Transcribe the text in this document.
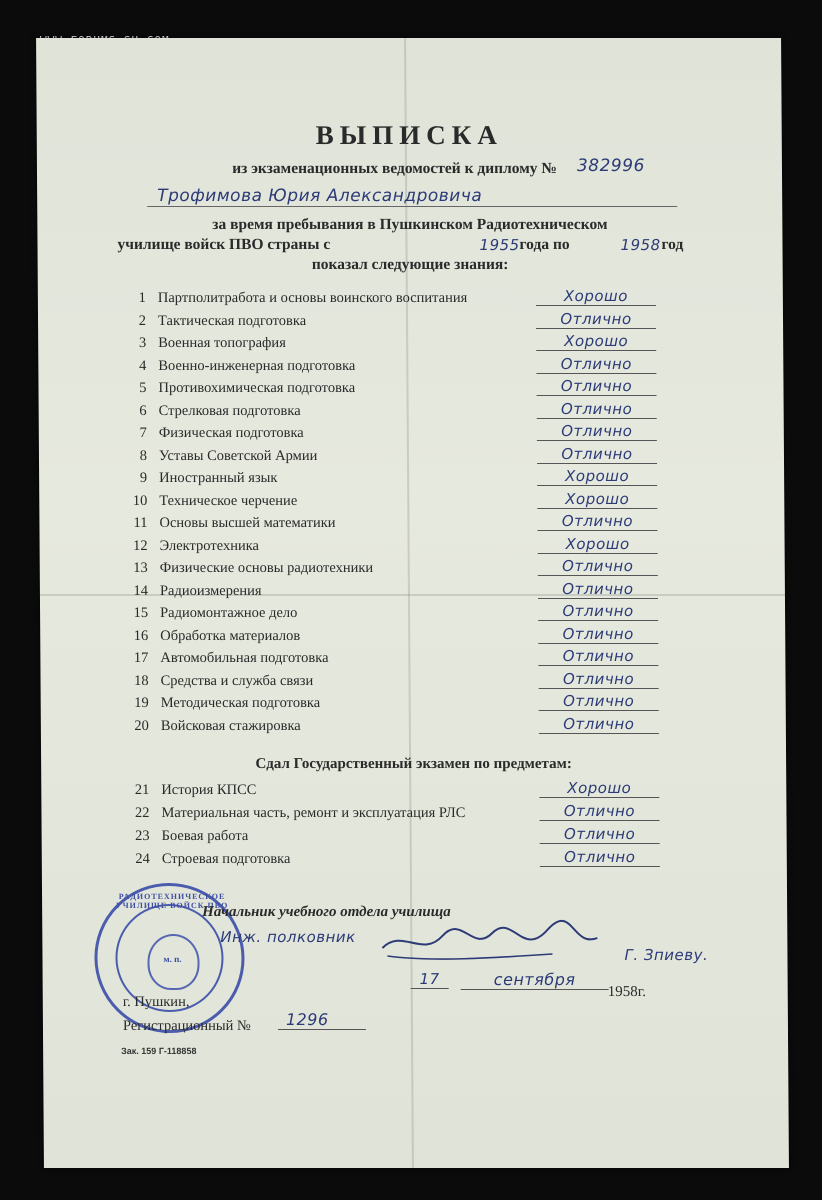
ВЫПИСКА
из экзаменационных ведомостей к диплому № 382996
Трофимова Юрия Александровича
за время пребывания в Пушкинском Радиотехническом
училище войск ПВО страны с	1955 года по	1958 год
показал следующие знания:
1 Партполитработа и основы воинского воспитания	Хорошо
2 Тактическая подготовка	Отлично
3 Военная топография	Хорошо
4 Военно-инженерная подготовка	Отлично
5 Противохимическая подготовка	Отлично
6 Стрелковая подготовка	Отлично
7 Физическая подготовка	Отлично
8 Уставы Советской Армии	Отлично
9 Иностранный язык	Хорошо
10 Техническое черчение	Хорошо
11 Основы высшей математики	Отлично
12 Электротехника	Хорошо
13 Физические основы радиотехники	Отлично
14 Радиоизмерения	Отлично
15 Радиомонтажное дело	Отлично
16 Обработка материалов	Отлично
17 Автомобильная подготовка	Отлично
18 Средства и служба связи	Отлично
19 Методическая подготовка	Отлично
20 Войсковая стажировка	Отлично
Сдал Государственный экзамен по предметам:
21 История КПСС	Хорошо
22 Материальная часть, ремонт и эксплуатация РЛС	Отлично
23 Боевая работа	Отлично
24 Строевая подготовка	Отлично
РАДИОТЕХНИЧЕСКОЕ УЧИЛИЩЕ ВОЙСК ПВО
м. п.
Начальник учебного отдела училища
Инж. полковник
Г. Зпиеву.
17	сентября
1958г.
г. Пушкин,
Регистрационный №	1296
Зак. 159 Г-118858
